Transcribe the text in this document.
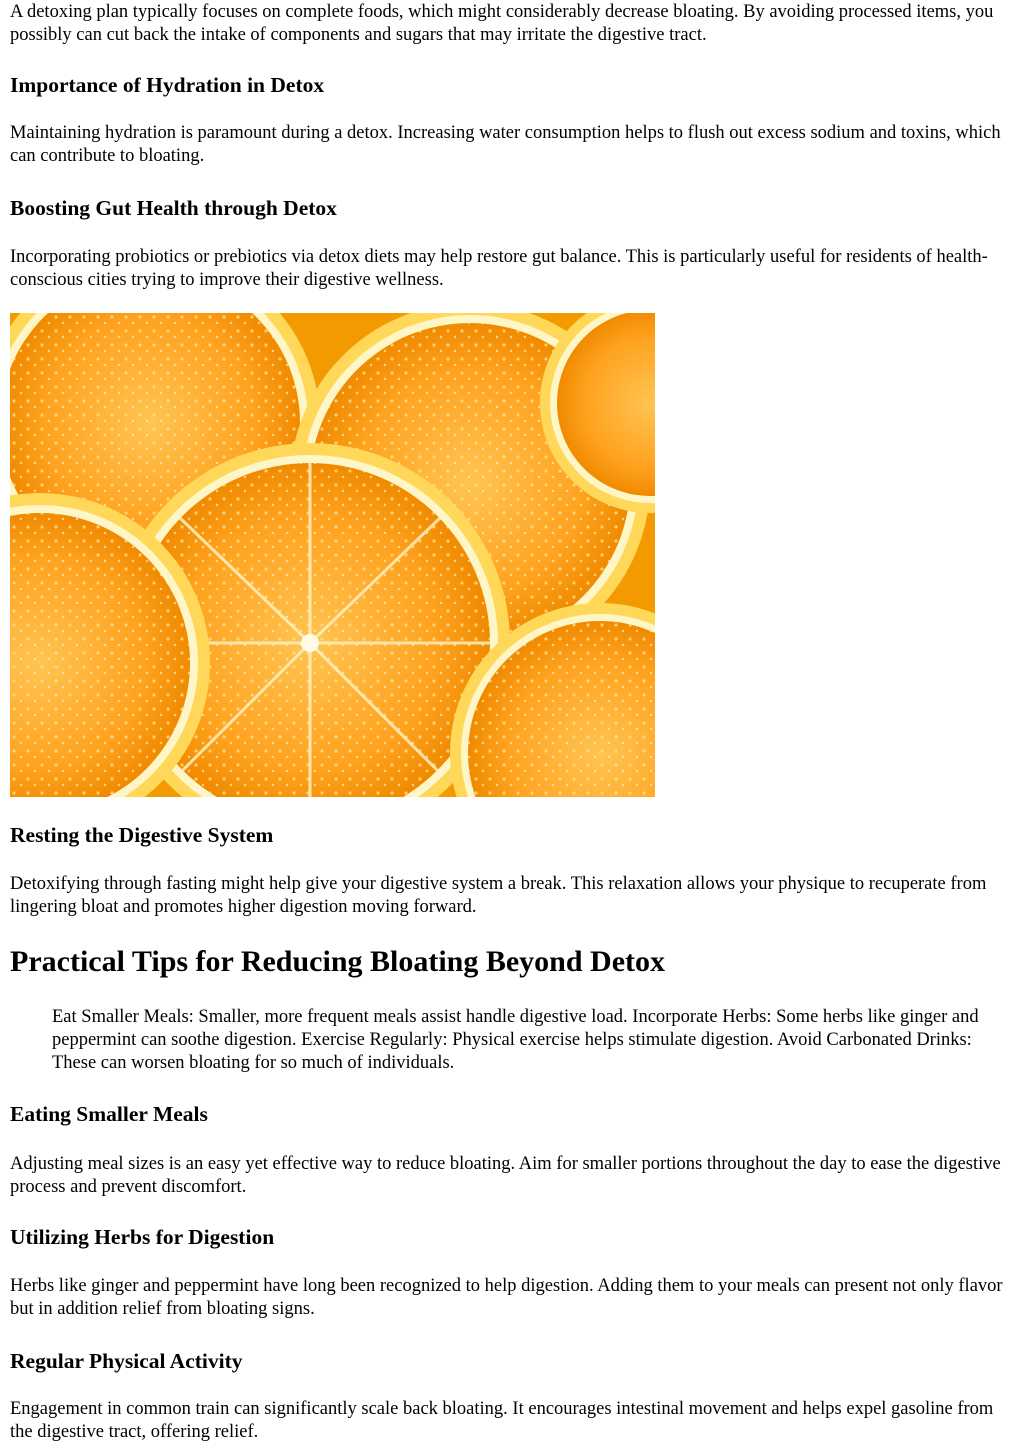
A detoxing plan typically focuses on complete foods, which might considerably decrease bloating. By avoiding processed items, you possibly can cut back the intake of components and sugars that may irritate the digestive tract.

Importance of Hydration in Detox

Maintaining hydration is paramount during a detox. Increasing water consumption helps to flush out excess sodium and toxins, which can contribute to bloating.

Boosting Gut Health through Detox

Incorporating probiotics or prebiotics via detox diets may help restore gut balance. This is particularly useful for residents of health-conscious cities trying to improve their digestive wellness.

Resting the Digestive System

Detoxifying through fasting might help give your digestive system a break. This relaxation allows your physique to recuperate from lingering bloat and promotes higher digestion moving forward.

Practical Tips for Reducing Bloating Beyond Detox
Eat Smaller Meals: Smaller, more frequent meals assist handle digestive load. Incorporate Herbs: Some herbs like ginger and peppermint can soothe digestion. Exercise Regularly: Physical exercise helps stimulate digestion. Avoid Carbonated Drinks: These can worsen bloating for so much of individuals.
Eating Smaller Meals

Adjusting meal sizes is an easy yet effective way to reduce bloating. Aim for smaller portions throughout the day to ease the digestive process and prevent discomfort.

Utilizing Herbs for Digestion

Herbs like ginger and peppermint have long been recognized to help digestion. Adding them to your meals can present not only flavor but in addition relief from bloating signs.

Regular Physical Activity

Engagement in common train can significantly scale back bloating. It encourages intestinal movement and helps expel gasoline from the digestive tract, offering relief.
